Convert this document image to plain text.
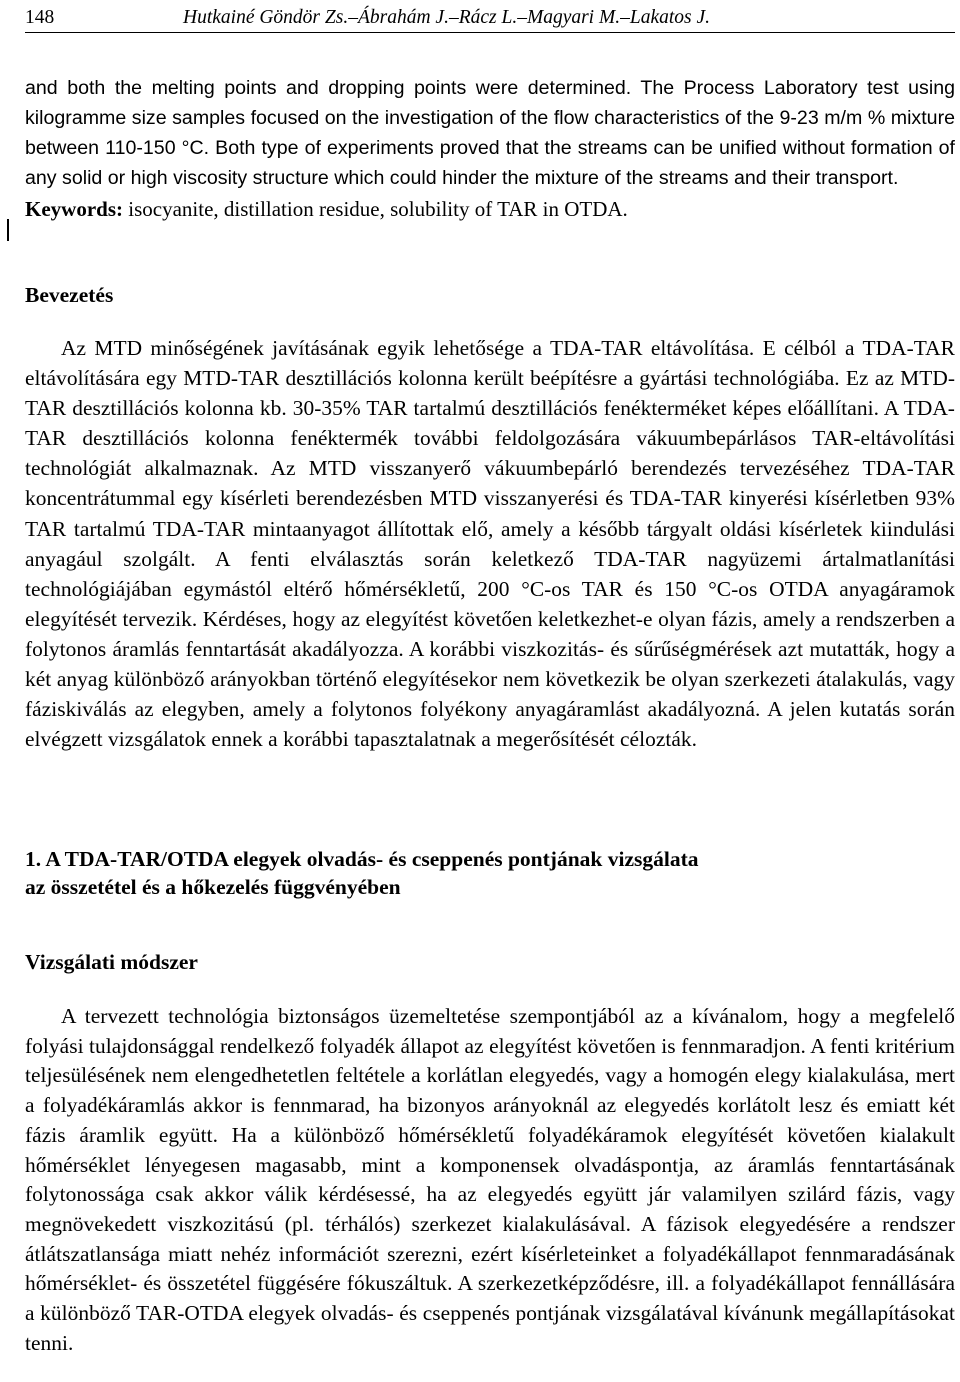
148	Hutkainé Göndör Zs.–Ábrahám J.–Rácz L.–Magyari M.–Lakatos J.

and both the melting points and dropping points were determined. The Process Laboratory test using kilogramme size samples focused on the investigation of the flow characteristics of the 9-23 m/m % mixture between 110-150 °C. Both type of experiments proved that the streams can be unified without formation of any solid or high viscosity structure which could hinder the mixture of the streams and their transport.

Keywords: isocyanite, distillation residue, solubility of TAR in OTDA.

Bevezetés

Az MTD minőségének javításának egyik lehetősége a TDA-TAR eltávolítása. E célból a TDA-TAR eltávolítására egy MTD-TAR desztillációs kolonna került beépítésre a gyártási technológiába. Ez az MTD-TAR desztillációs kolonna kb. 30-35% TAR tartalmú desztillációs fenékterméket képes előállítani. A TDA-TAR desztillációs kolonna fenéktermék további feldolgozására vákuumbepárlásos TAR-eltávolítási technológiát alkalmaznak. Az MTD visszanyerő vákuumbepárló berendezés tervezéséhez TDA-TAR koncentrátummal egy kísérleti berendezésben MTD visszanyerési és TDA-TAR kinyerési kísérletben 93% TAR tartalmú TDA-TAR mintaanyagot állítottak elő, amely a később tárgyalt oldási kísérletek kiindulási anyagául szolgált. A fenti elválasztás során keletkező TDA-TAR nagyüzemi ártalmatlanítási technológiájában egymástól eltérő hőmérsékletű, 200 °C-os TAR és 150 °C-os OTDA anyagáramok elegyítését tervezik. Kérdéses, hogy az elegyítést követően keletkezhet-e olyan fázis, amely a rendszerben a folytonos áramlás fenntartását akadályozza. A korábbi viszkozitás- és sűrűségmérések azt mutatták, hogy a két anyag különböző arányokban történő elegyítésekor nem következik be olyan szerkezeti átalakulás, vagy fáziskiválás az elegyben, amely a folytonos folyékony anyagáramlást akadályozná. A jelen kutatás során elvégzett vizsgálatok ennek a korábbi tapasztalatnak a megerősítését célozták.

1. A TDA-TAR/OTDA elegyek olvadás- és cseppenés pontjának vizsgálata
az összetétel és a hőkezelés függvényében
Vizsgálati módszer

A tervezett technológia biztonságos üzemeltetése szempontjából az a kívánalom, hogy a megfelelő folyási tulajdonsággal rendelkező folyadék állapot az elegyítést követően is fennmaradjon. A fenti kritérium teljesülésének nem elengedhetetlen feltétele a korlátlan elegyedés, vagy a homogén elegy kialakulása, mert a folyadékáramlás akkor is fennmarad, ha bizonyos arányoknál az elegyedés korlátolt lesz és emiatt két fázis áramlik együtt. Ha a különböző hőmérsékletű folyadékáramok elegyítését követően kialakult hőmérséklet lényegesen magasabb, mint a komponensek olvadáspontja, az áramlás fenntartásának folytonossága csak akkor válik kérdésessé, ha az elegyedés együtt jár valamilyen szilárd fázis, vagy megnövekedett viszkozitású (pl. térhálós) szerkezet kialakulásával. A fázisok elegyedésére a rendszer átlátszatlansága miatt nehéz információt szerezni, ezért kísérleteinket a folyadékállapot fennmaradásának hőmérséklet- és összetétel függésére fókuszáltuk. A szerkezetképződésre, ill. a folyadékállapot fennállására a különböző TAR-OTDA elegyek olvadás- és cseppenés pontjának vizsgálatával kívánunk megállapításokat tenni.
